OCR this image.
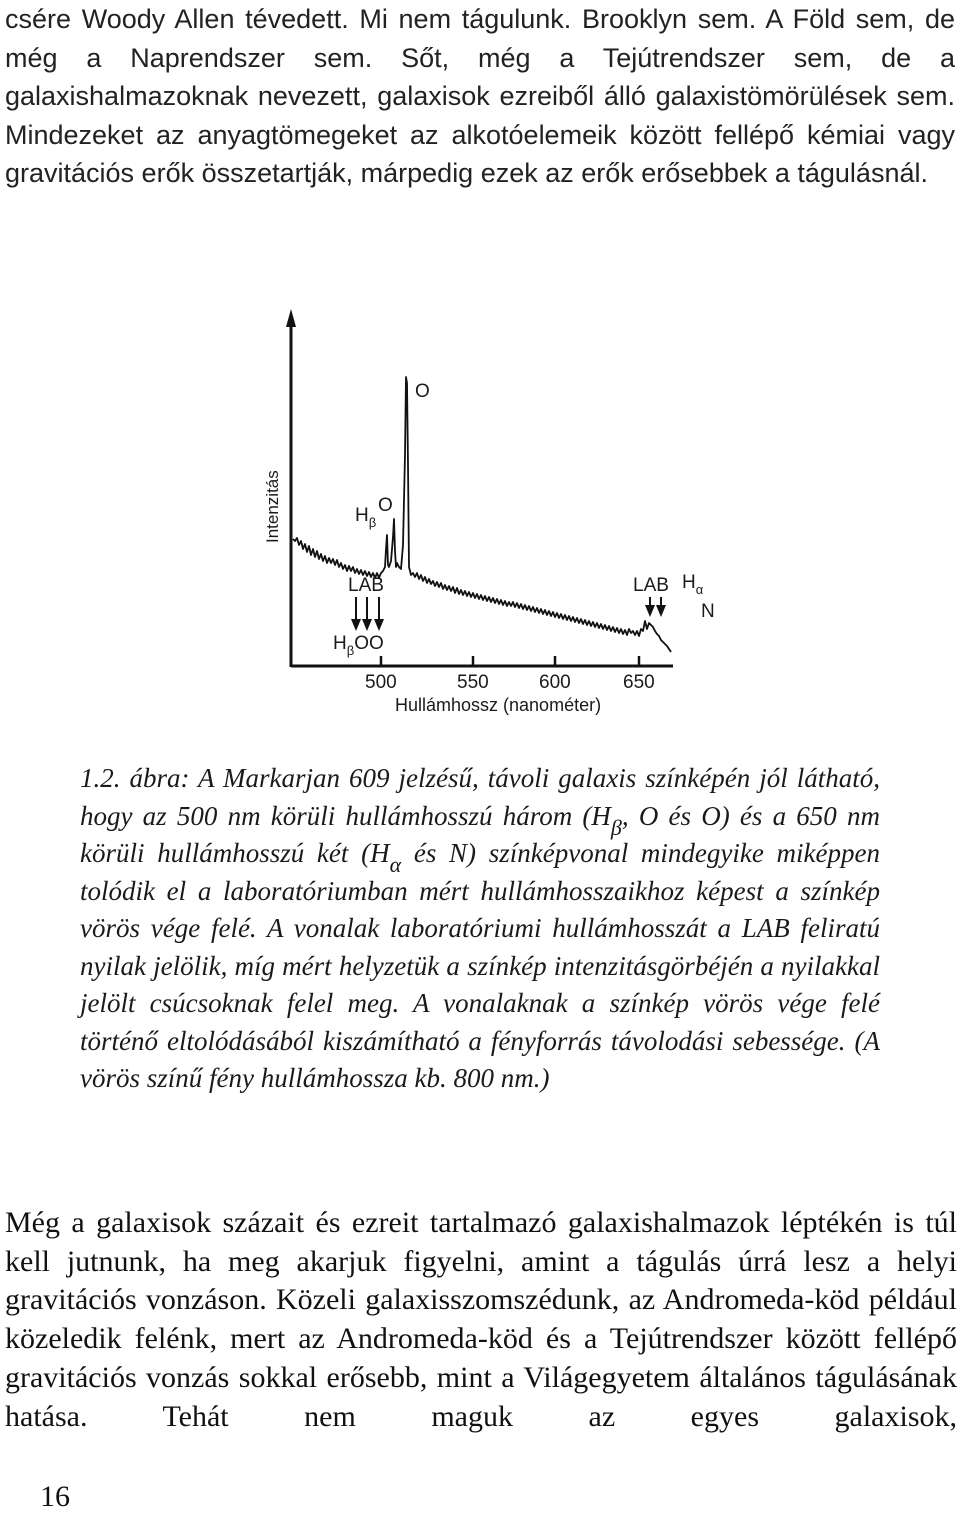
csére Woody Allen tévedett. Mi nem tágulunk. Brooklyn sem. A Föld sem, de még a Naprendszer sem. Sőt, még a Tejútrendszer sem, de a galaxishalmazoknak nevezett, galaxisok ezreiből álló galaxistömörülések sem. Mindezeket az anyagtömegeket az alkotóelemeik között fellépő kémiai vagy gravitációs erők összetartják, márpedig ezek az erők erősebbek a tágulásnál.
Intenzitás
500	550	600	650
Hullámhossz (nanométer)
O
$H_\beta$
O
$H_\alpha$
N
LAB
$H_\beta OO$
LAB
1.2. ábra: A Markarjan 609 jelzésű, távoli galaxis színképén jól látható, hogy az 500 nm körüli hullámhosszú három ($H_\beta$, O és O) és a 650 nm körüli hullámhosszú két ($H_\alpha$ és N) színképvonal mindegyike miképpen tolódik el a laboratóriumban mért hullámhosszaikhoz képest a színkép vörös vége felé. A vonalak laboratóriumi hullámhosszát a LAB feliratú nyilak jelölik, míg mért helyzetük a színkép intenzitásgörbéjén a nyilakkal jelölt csúcsoknak felel meg. A vonalaknak a színkép vörös vége felé történő eltolódásából kiszámítható a fényforrás távolodási sebessége. (A vörös színű fény hullámhossza kb. 800 nm.)
Még a galaxisok százait és ezreit tartalmazó galaxishalmazok léptékén is túl kell jutnunk, ha meg akarjuk figyelni, amint a tágulás úrrá lesz a helyi gravitációs vonzáson. Közeli galaxisszomszédunk, az Andromeda-köd például közeledik felénk, mert az Andromeda-köd és a Tejútrendszer között fellépő gravitációs vonzás sokkal erősebb, mint a Világegyetem általános tágulásának hatása. Tehát nem maguk az egyes galaxisok,
16
